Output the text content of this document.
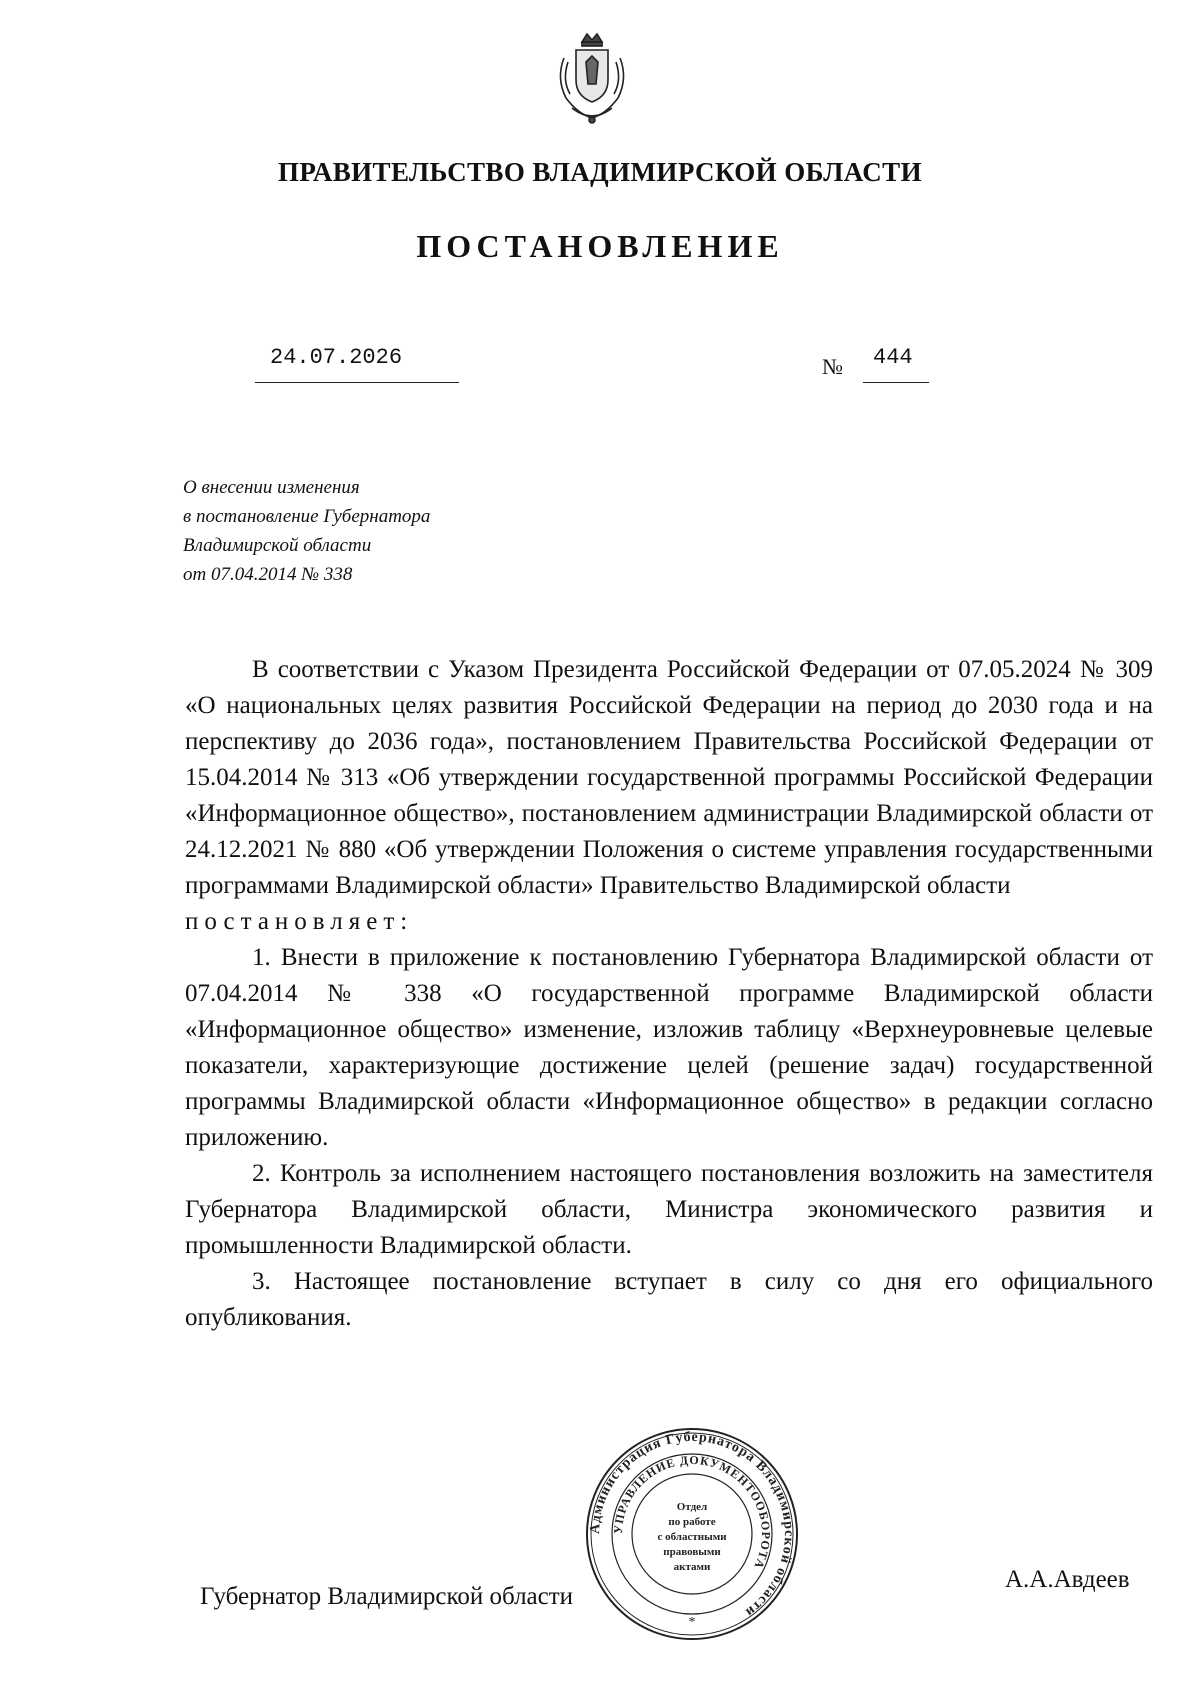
ПРАВИТЕЛЬСТВО ВЛАДИМИРСКОЙ ОБЛАСТИ
ПОСТАНОВЛЕНИЕ
24.07.2026	№ 444
О внесении изменения
в постановление Губернатора
Владимирской области
от 07.04.2014 № 338

В соответствии с Указом Президента Российской Федерации от 07.05.2024 № 309 «О национальных целях развития Российской Федерации на период до 2030 года и на перспективу до 2036 года», постановлением Правительства Российской Федерации от 15.04.2014 № 313 «Об утверждении государственной программы Российской Федерации «Информационное общество», постановлением администрации Владимирской области от 24.12.2021 № 880 «Об утверждении Положения о системе управления государственными программами Владимирской области» Правительство Владимирской области

постановляет:

1. Внести в приложение к постановлению Губернатора Владимирской области от 07.04.2014 № 338 «О государственной программе Владимирской области «Информационное общество» изменение, изложив таблицу «Верхнеуровневые целевые показатели, характеризующие достижение целей (решение задач) государственной программы Владимирской области «Информационное общество» в редакции согласно приложению.

2. Контроль за исполнением настоящего постановления возложить на заместителя Губернатора Владимирской области, Министра экономического развития и промышленности Владимирской области.

3. Настоящее постановление вступает в силу со дня его официального опубликования.

Губернатор Владимирской области
А.А.Авдеев
Администрация Губернатора Владимирской области
УПРАВЛЕНИЕ ДОКУМЕНТООБОРОТА
Отдел
по работе
с областными
правовыми
актами
*
